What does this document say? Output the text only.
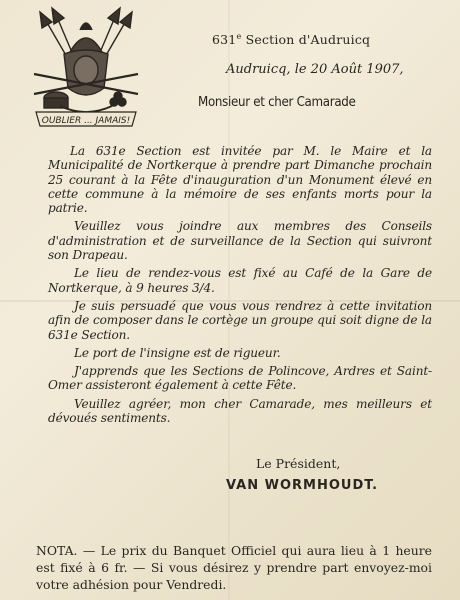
OUBLIER ... JAMAIS!
631e Section d'Audruicq
Audruicq, le 20 Août 1907,
Monsieur et cher Camarade

La 631e Section est invitée par M. le Maire et la Municipalité de Nortkerque à prendre part Dimanche prochain 25 courant à la Fête d'inauguration d'un Monument élevé en cette commune à la mémoire de ses enfants morts pour la patrie.

Veuillez vous joindre aux membres des Conseils d'administration et de surveillance de la Section qui suivront son Drapeau.

Le lieu de rendez-vous est fixé au Café de la Gare de Nortkerque, à 9 heures 3/4.

Je suis persuadé que vous vous rendrez à cette invitation afin de composer dans le cortège un groupe qui soit digne de la 631e Section.

Le port de l'insigne est de rigueur.

J'apprends que les Sections de Polincove, Ardres et Saint-Omer assisteront également à cette Fête.

Veuillez agréer, mon cher Camarade, mes meilleurs et dévoués sentiments.

Le Président,
VAN WORMHOUDT.

NOTA. — Le prix du Banquet Officiel qui aura lieu à 1 heure est fixé à 6 fr. — Si vous désirez y prendre part envoyez-moi votre adhésion pour Vendredi.
